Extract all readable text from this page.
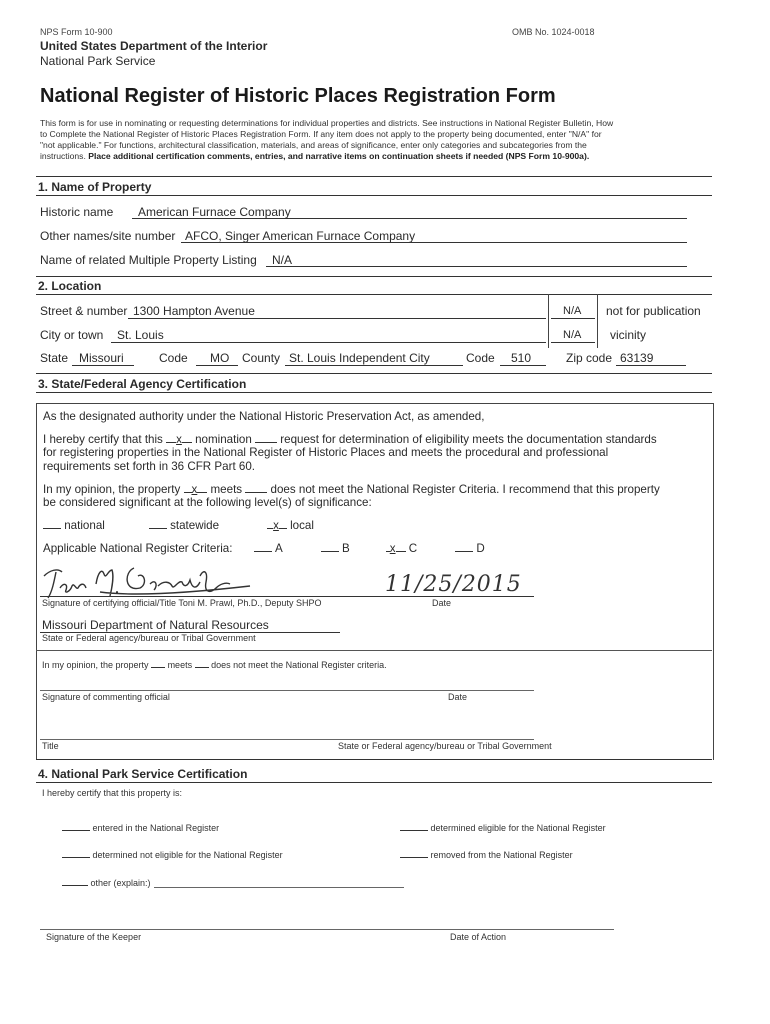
NPS Form 10-900	OMB No. 1024-0018
United States Department of the Interior
National Park Service
National Register of Historic Places Registration Form
This form is for use in nominating or requesting determinations for individual properties and districts. See instructions in National Register Bulletin, How
to Complete the National Register of Historic Places Registration Form. If any item does not apply to the property being documented, enter "N/A" for
"not applicable." For functions, architectural classification, materials, and areas of significance, enter only categories and subcategories from the
instructions. Place additional certification comments, entries, and narrative items on continuation sheets if needed (NPS Form 10-900a).
1. Name of Property
Historic name American Furnace Company
Other names/site number AFCO, Singer American Furnace Company
Name of related Multiple Property Listing N/A
2. Location
Street & number 1300 Hampton Avenue	N/A not for publication
City or town St. Louis	N/A vicinity
State Missouri	Code MO County St. Louis Independent City	Code 510	Zip code 63139
3. State/Federal Agency Certification
As the designated authority under the National Historic Preservation Act, as amended,
I hereby certify that this x nomination  request for determination of eligibility meets the documentation standards
for registering properties in the National Register of Historic Places and meets the procedural and professional
requirements set forth in 36 CFR Part 60.
In my opinion, the property x meets  does not meet the National Register Criteria. I recommend that this property
be considered significant at the following level(s) of significance:
national	statewide	x local
Applicable National Register Criteria:	A	B	x C	D
11/25/2015
Signature of certifying official/Title Toni M. Prawl, Ph.D., Deputy SHPO	Date
Missouri Department of Natural Resources
State or Federal agency/bureau or Tribal Government
In my opinion, the property  meets  does not meet the National Register criteria.
Signature of commenting official	Date
Title	State or Federal agency/bureau or Tribal Government
4. National Park Service Certification
I hereby certify that this property is:
entered in the National Register	determined eligible for the National Register
determined not eligible for the National Register	removed from the National Register
other (explain:)
Signature of the Keeper	Date of Action
